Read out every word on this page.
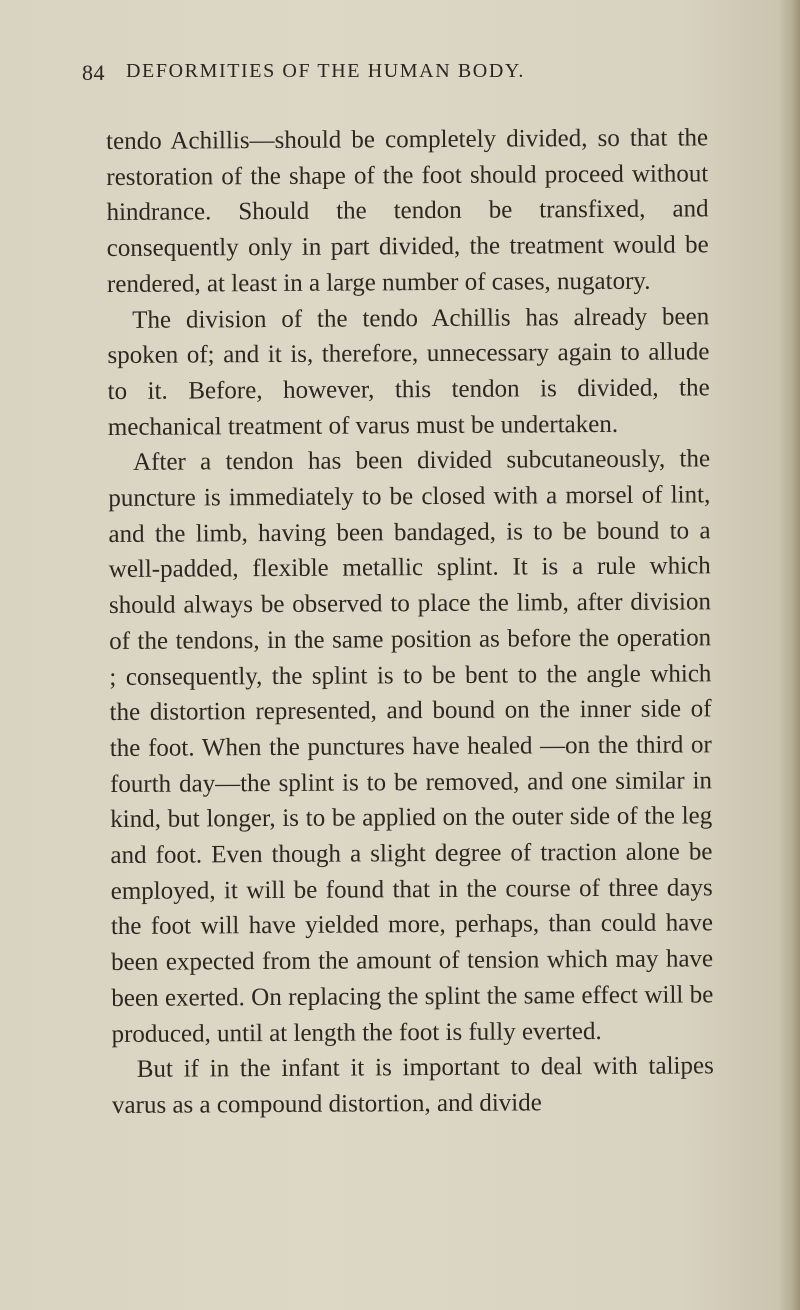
84 DEFORMITIES OF THE HUMAN BODY.

tendo Achillis—should be completely divided, so that the restoration of the shape of the foot should proceed without hindrance. Should the tendon be transfixed, and consequently only in part divided, the treatment would be rendered, at least in a large number of cases, nugatory.

The division of the tendo Achillis has already been spoken of; and it is, therefore, unnecessary again to allude to it. Before, however, this tendon is divided, the mechanical treatment of varus must be undertaken.

After a tendon has been divided subcutaneously, the puncture is immediately to be closed with a morsel of lint, and the limb, having been bandaged, is to be bound to a well-padded, flexible metallic splint. It is a rule which should always be observed to place the limb, after division of the tendons, in the same position as before the operation ; consequently, the splint is to be bent to the angle which the distortion represented, and bound on the inner side of the foot. When the punctures have healed —on the third or fourth day—the splint is to be removed, and one similar in kind, but longer, is to be applied on the outer side of the leg and foot. Even though a slight degree of traction alone be employed, it will be found that in the course of three days the foot will have yielded more, perhaps, than could have been expected from the amount of tension which may have been exerted. On replacing the splint the same effect will be produced, until at length the foot is fully everted.

But if in the infant it is important to deal with talipes varus as a compound distortion, and divide
